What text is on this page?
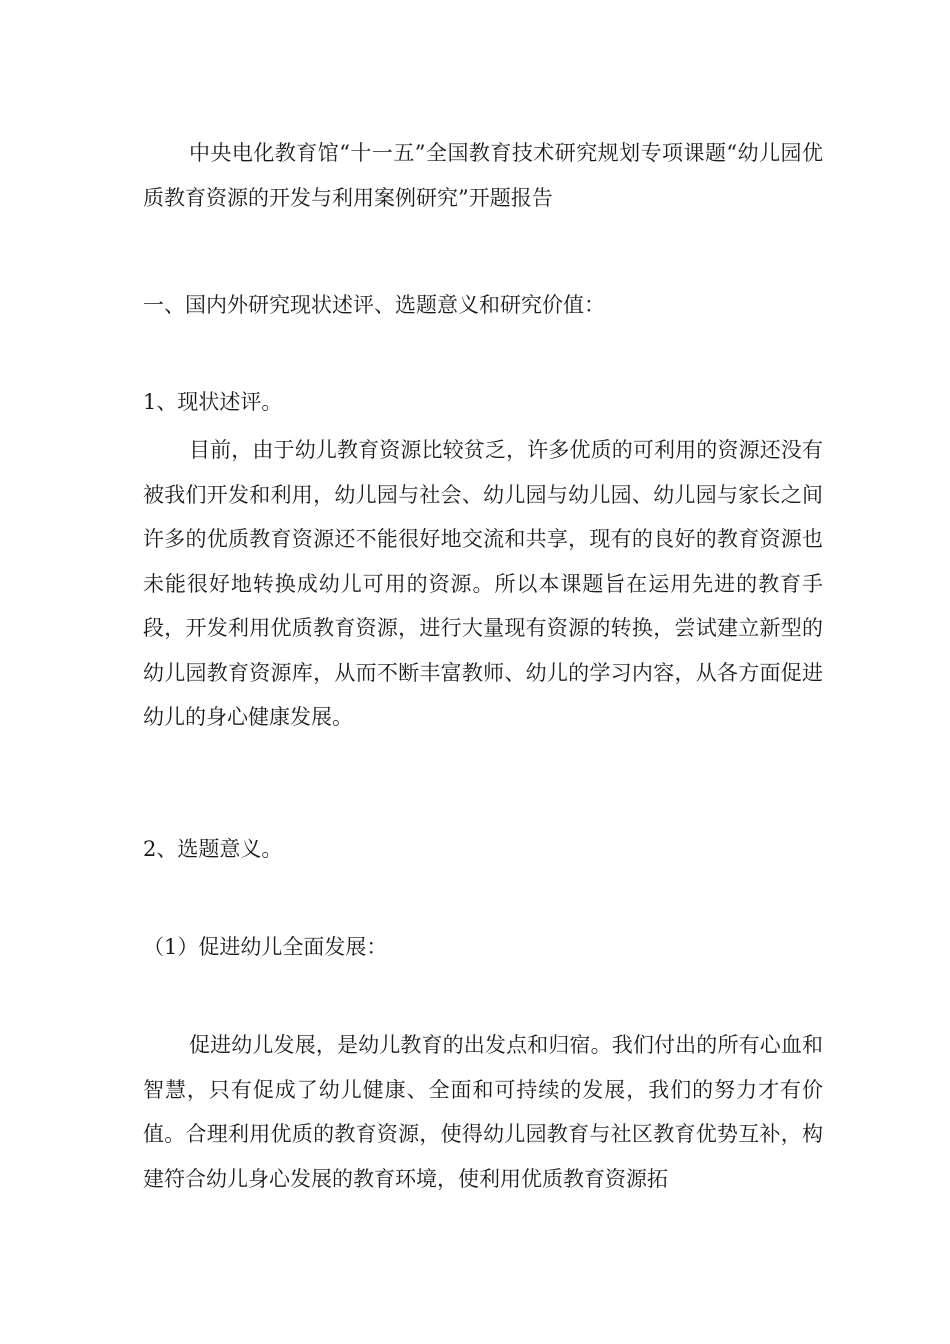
中央电化教育馆“十一五”全国教育技术研究规划专项课题“幼儿园优质教育资源的开发与利用案例研究”开题报告

一、国内外研究现状述评、选题意义和研究价值：

1、现状述评。

目前，由于幼儿教育资源比较贫乏，许多优质的可利用的资源还没有被我们开发和利用，幼儿园与社会、幼儿园与幼儿园、幼儿园与家长之间许多的优质教育资源还不能很好地交流和共享，现有的良好的教育资源也未能很好地转换成幼儿可用的资源。所以本课题旨在运用先进的教育手段，开发利用优质教育资源，进行大量现有资源的转换，尝试建立新型的幼儿园教育资源库，从而不断丰富教师、幼儿的学习内容，从各方面促进幼儿的身心健康发展。

2、选题意义。

（1）促进幼儿全面发展：

促进幼儿发展，是幼儿教育的出发点和归宿。我们付出的所有心血和智慧，只有促成了幼儿健康、全面和可持续的发展，我们的努力才有价值。合理利用优质的教育资源，使得幼儿园教育与社区教育优势互补，构建符合幼儿身心发展的教育环境，使利用优质教育资源拓
